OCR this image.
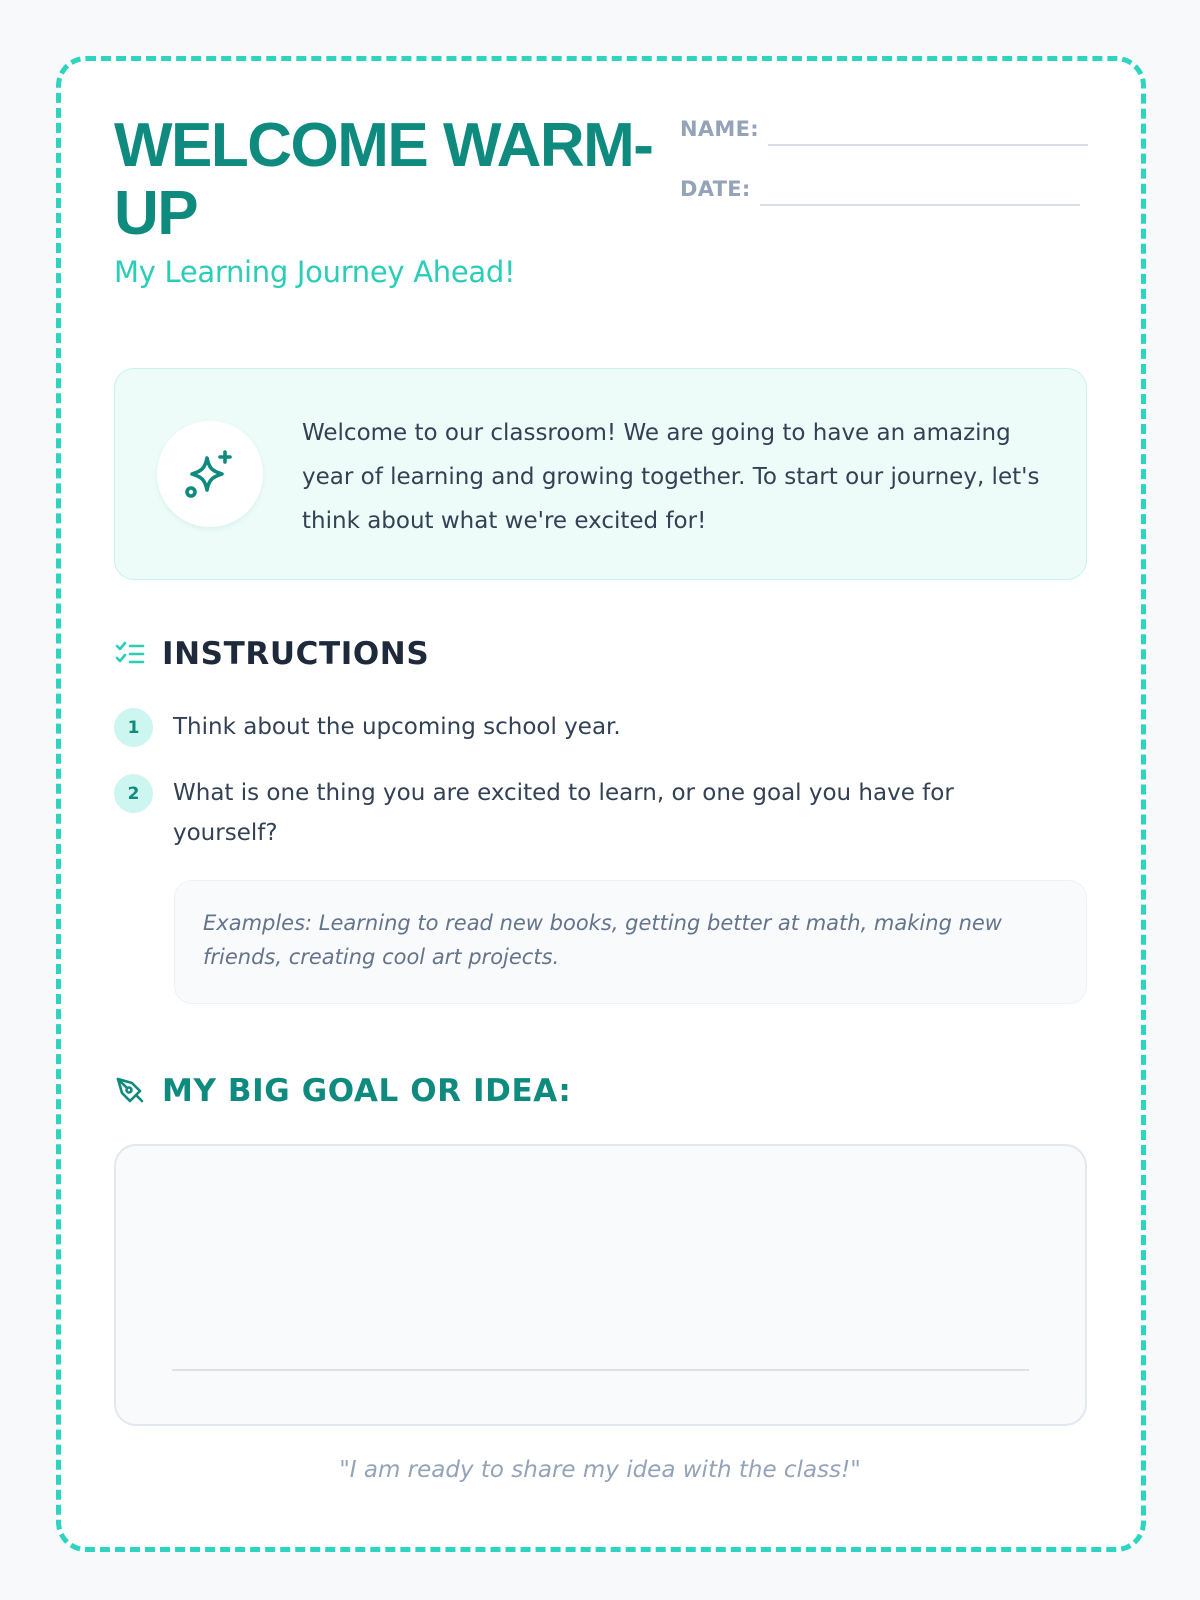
WELCOME WARM-UP
My Learning Journey Ahead!
NAME:
DATE:

Welcome to our classroom! We are going to have an amazing year of learning and growing together. To start our journey, let's think about what we're excited for!

INSTRUCTIONS
1	Think about the upcoming school year.
2	What is one thing you are excited to learn, or one goal you have for yourself?
Examples: Learning to read new books, getting better at math, making new friends, creating cool art projects.
MY BIG GOAL OR IDEA:
"I am ready to share my idea with the class!"
